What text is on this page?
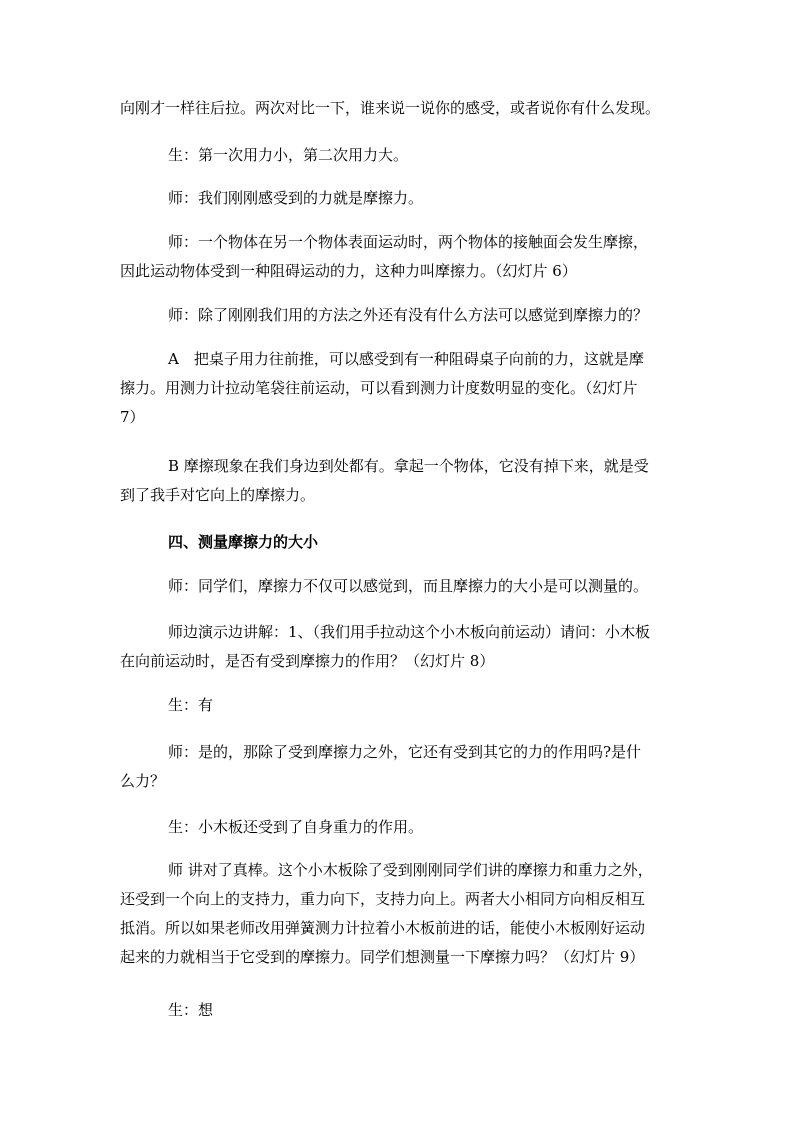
向刚才一样往后拉。两次对比一下，谁来说一说你的感受，或者说你有什么发现。

生：第一次用力小，第二次用力大。

师：我们刚刚感受到的力就是摩擦力。

师：一个物体在另一个物体表面运动时，两个物体的接触面会发生摩擦，
因此运动物体受到一种阻碍运动的力，这种力叫摩擦力。（幻灯片 6）

师：除了刚刚我们用的方法之外还有没有什么方法可以感觉到摩擦力的？

A　把桌子用力往前推，可以感受到有一种阻碍桌子向前的力，这就是摩
擦力。用测力计拉动笔袋往前运动，可以看到测力计度数明显的变化。（幻灯片
7）

B 摩擦现象在我们身边到处都有。拿起一个物体，它没有掉下来，就是受
到了我手对它向上的摩擦力。

四、测量摩擦力的大小

师：同学们，摩擦力不仅可以感觉到，而且摩擦力的大小是可以测量的。

师边演示边讲解：1、（我们用手拉动这个小木板向前运动）请问：小木板
在向前运动时，是否有受到摩擦力的作用？（幻灯片 8）

生：有

师：是的，那除了受到摩擦力之外，它还有受到其它的力的作用吗?是什
么力？

生：小木板还受到了自身重力的作用。

师 讲对了真棒。这个小木板除了受到刚刚同学们讲的摩擦力和重力之外，
还受到一个向上的支持力，重力向下，支持力向上。两者大小相同方向相反相互
抵消。所以如果老师改用弹簧测力计拉着小木板前进的话，能使小木板刚好运动
起来的力就相当于它受到的摩擦力。同学们想测量一下摩擦力吗？（幻灯片 9）

生：想
